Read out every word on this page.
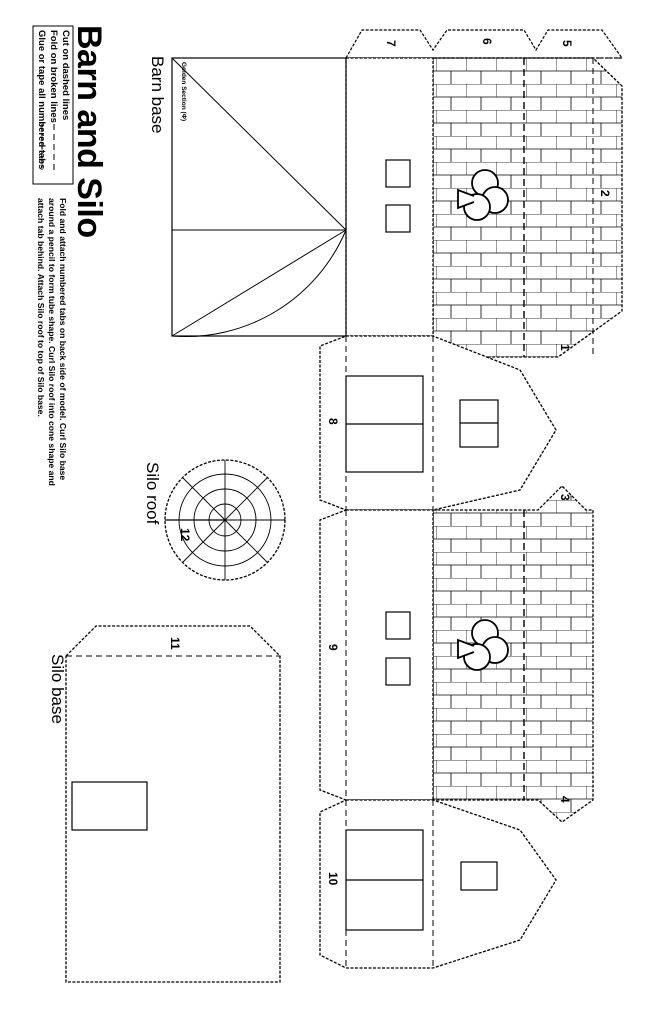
Barn and Silo
Cut on dashed lines
Fold on broken lines
Glue or tape all numbered tabs
Fold and attach numbered tabs on back side of model. Curl Silo base
around a pencil to form tube shape. Curl Silo roof into cone shape and
attach tab behind. Attach Silo roof to top of Silo base.
Barn base Golden Section (Φ)
Silo roof
Silo base
1
2
3
4
5
6
7
8
9
10
11
12
